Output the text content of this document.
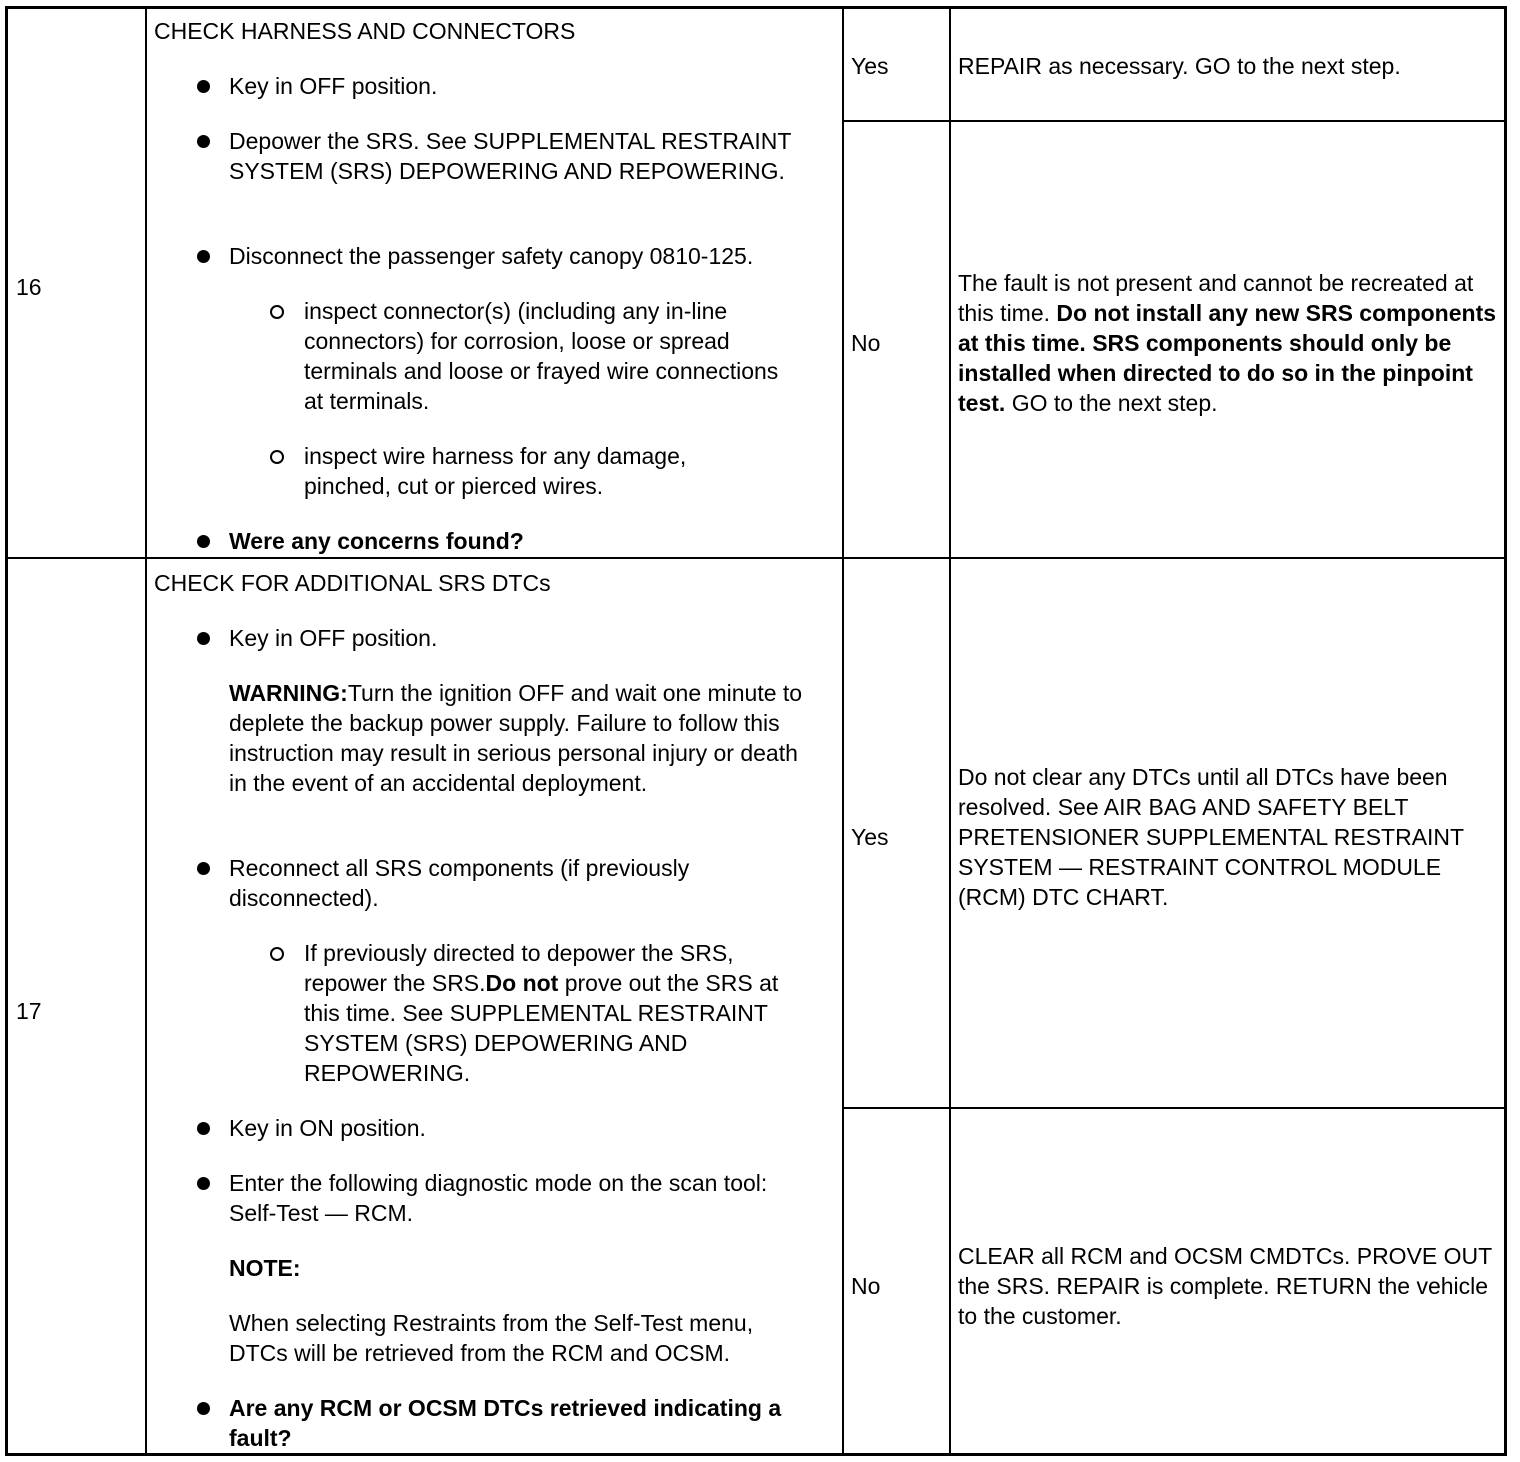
16
CHECK HARNESS AND CONNECTORS
Key in OFF position.
Depower the SRS. See SUPPLEMENTAL RESTRAINT SYSTEM (SRS) DEPOWERING AND REPOWERING.
Disconnect the passenger safety canopy 0810-125.
inspect connector(s) (including any in-line connectors) for corrosion, loose or spread terminals and loose or frayed wire connections at terminals.
inspect wire harness for any damage, pinched, cut or pierced wires.
Were any concerns found?
Yes	REPAIR as necessary. GO to the next step.
No
The fault is not present and cannot be recreated at this time. Do not install any new SRS components at this time. SRS components should only be installed when directed to do so in the pinpoint test. GO to the next step.
17
CHECK FOR ADDITIONAL SRS DTCs
Key in OFF position.
WARNING:Turn the ignition OFF and wait one minute to deplete the backup power supply. Failure to follow this instruction may result in serious personal injury or death in the event of an accidental deployment.
Reconnect all SRS components (if previously disconnected).
If previously directed to depower the SRS, repower the SRS.Do not prove out the SRS at this time. See SUPPLEMENTAL RESTRAINT SYSTEM (SRS) DEPOWERING AND REPOWERING.
Key in ON position.
Enter the following diagnostic mode on the scan tool: Self-Test — RCM.
NOTE:
When selecting Restraints from the Self-Test menu, DTCs will be retrieved from the RCM and OCSM.
Are any RCM or OCSM DTCs retrieved indicating a fault?
Yes
Do not clear any DTCs until all DTCs have been resolved. See AIR BAG AND SAFETY BELT PRETENSIONER SUPPLEMENTAL RESTRAINT SYSTEM — RESTRAINT CONTROL MODULE (RCM) DTC CHART.
No
CLEAR all RCM and OCSM CMDTCs. PROVE OUT the SRS. REPAIR is complete. RETURN the vehicle to the customer.
